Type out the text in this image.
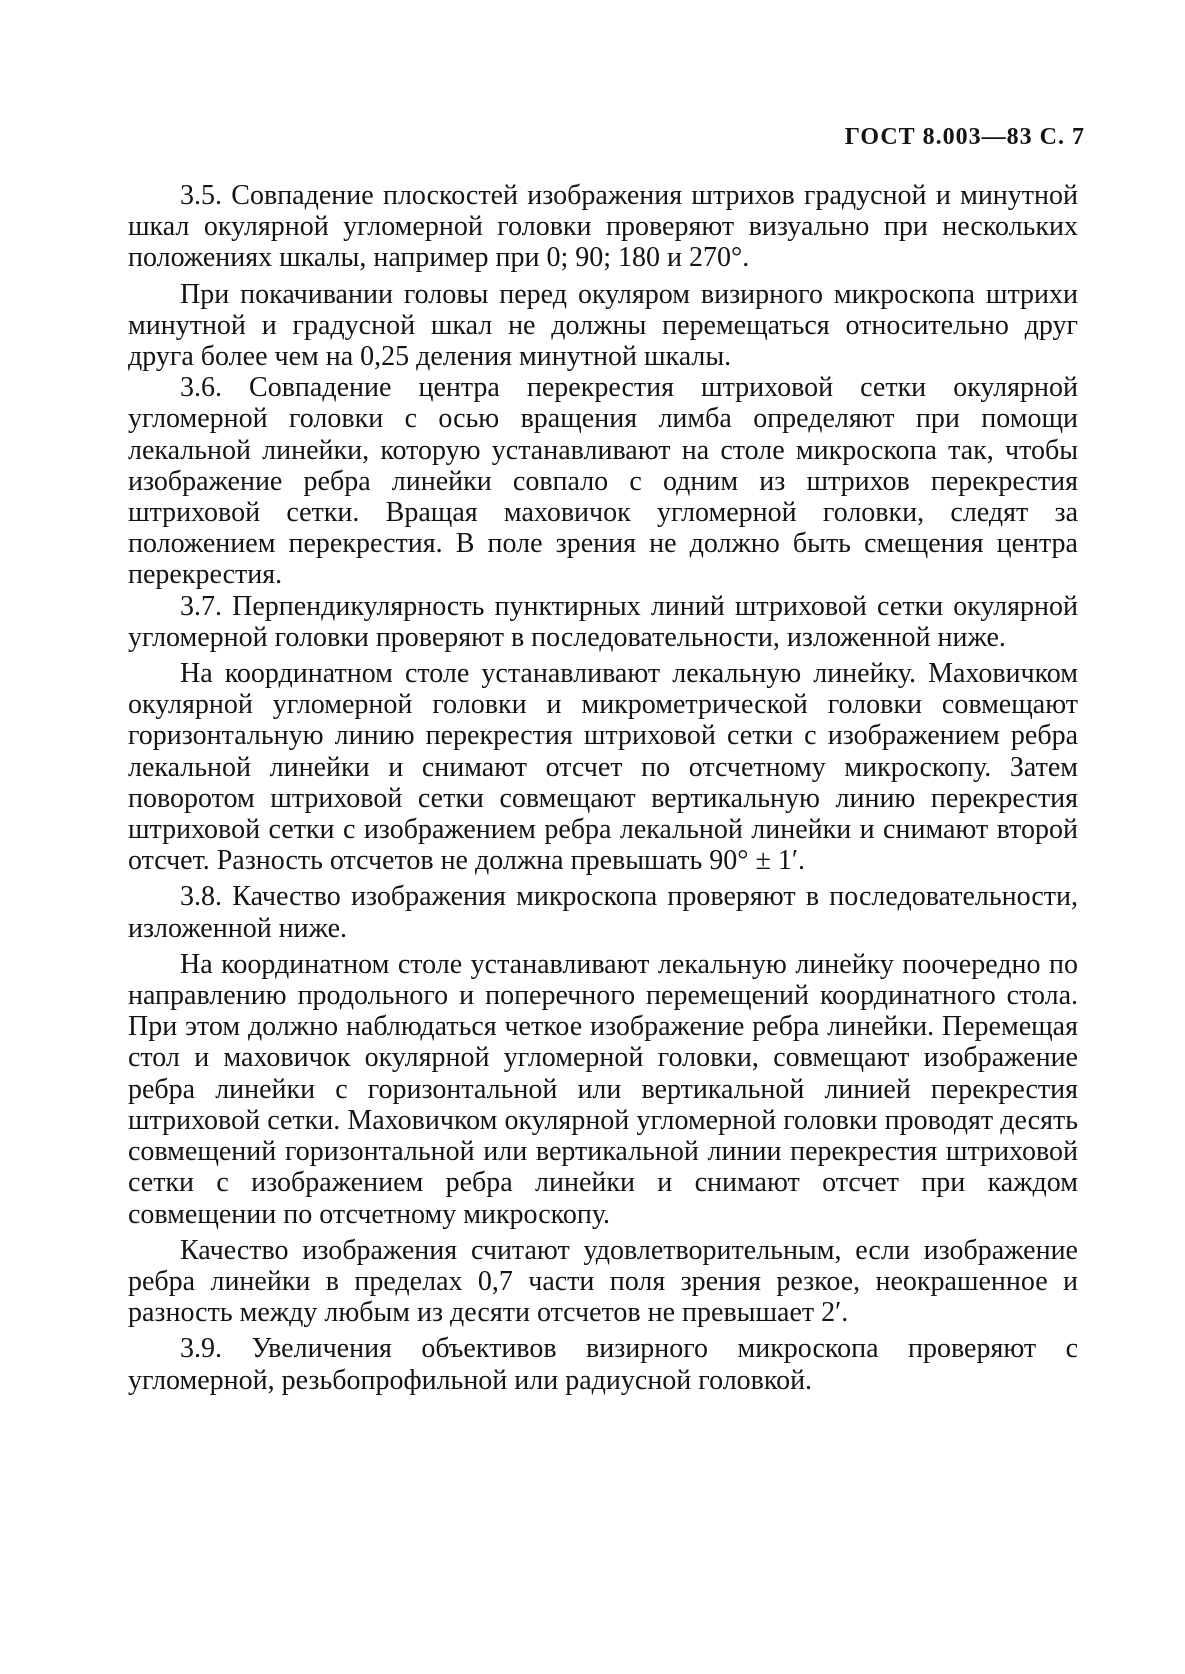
ГОСТ 8.003—83 С. 7

3.5. Совпадение плоскостей изображения штрихов градусной и минутной шкал окулярной угломерной головки проверяют визуально при нескольких положениях шкалы, например при 0; 90; 180 и 270°.

При покачивании головы перед окуляром визирного микроскопа штрихи минутной и градусной шкал не должны перемещаться относительно друг друга более чем на 0,25 деления минутной шкалы.

3.6. Совпадение центра перекрестия штриховой сетки окулярной угломерной головки с осью вращения лимба определяют при помощи лекальной линейки, которую устанавливают на столе микроскопа так, чтобы изображение ребра линейки совпало с одним из штрихов перекрестия штриховой сетки. Вращая маховичок угломерной головки, следят за положением перекрестия. В поле зрения не должно быть смещения центра перекрестия.

3.7. Перпендикулярность пунктирных линий штриховой сетки окулярной угломерной головки проверяют в последовательности, изложенной ниже.

На координатном столе устанавливают лекальную линейку. Маховичком окулярной угломерной головки и микрометрической головки совмещают горизонтальную линию перекрестия штриховой сетки с изображением ребра лекальной линейки и снимают отсчет по отсчетному микроскопу. Затем поворотом штриховой сетки совмещают вертикальную линию перекрестия штриховой сетки с изображением ребра лекальной линейки и снимают второй отсчет. Разность отсчетов не должна превышать 90° ± 1′.

3.8. Качество изображения микроскопа проверяют в последовательности, изложенной ниже.

На координатном столе устанавливают лекальную линейку поочередно по направлению продольного и поперечного перемещений координатного стола. При этом должно наблюдаться четкое изображение ребра линейки. Перемещая стол и маховичок окулярной угломерной головки, совмещают изображение ребра линейки с горизонтальной или вертикальной линией перекрестия штриховой сетки. Маховичком окулярной угломерной головки проводят десять совмещений горизонтальной или вертикальной линии перекрестия штриховой сетки с изображением ребра линейки и снимают отсчет при каждом совмещении по отсчетному микроскопу.

Качество изображения считают удовлетворительным, если изображение ребра линейки в пределах 0,7 части поля зрения резкое, неокрашенное и разность между любым из десяти отсчетов не превышает 2′.

3.9. Увеличения объективов визирного микроскопа проверяют с угломерной, резьбопрофильной или радиусной головкой.
